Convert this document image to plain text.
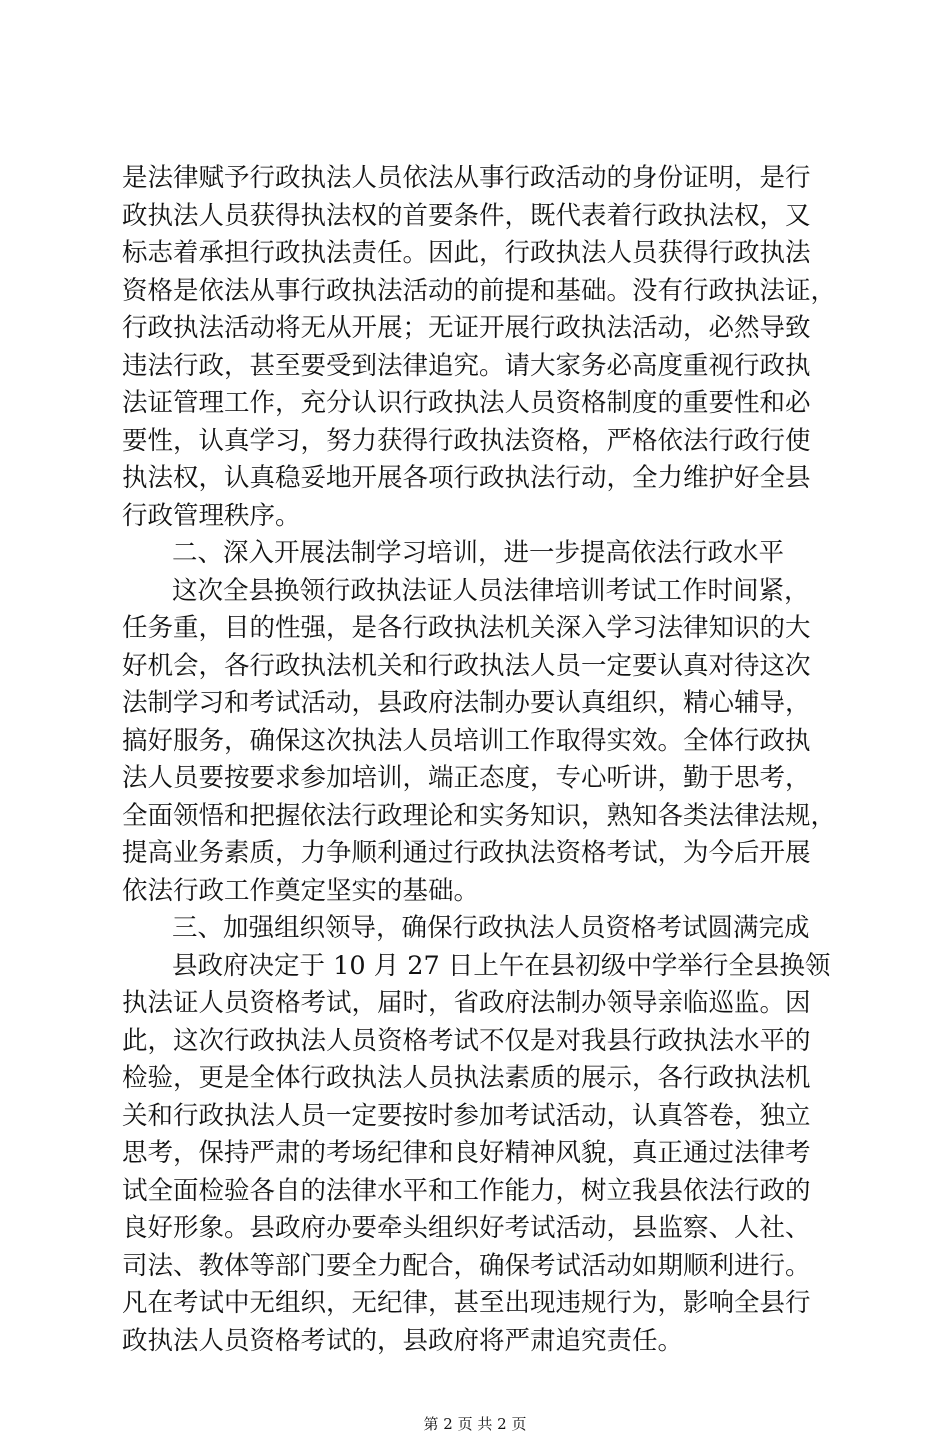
是法律赋予行政执法人员依法从事行政活动的身份证明，是行
政执法人员获得执法权的首要条件，既代表着行政执法权，又
标志着承担行政执法责任。因此，行政执法人员获得行政执法
资格是依法从事行政执法活动的前提和基础。没有行政执法证，
行政执法活动将无从开展；无证开展行政执法活动，必然导致
违法行政，甚至要受到法律追究。请大家务必高度重视行政执
法证管理工作，充分认识行政执法人员资格制度的重要性和必
要性，认真学习，努力获得行政执法资格，严格依法行政行使
执法权，认真稳妥地开展各项行政执法行动，全力维护好全县
行政管理秩序。
二、深入开展法制学习培训，进一步提高依法行政水平
这次全县换领行政执法证人员法律培训考试工作时间紧，
任务重，目的性强，是各行政执法机关深入学习法律知识的大
好机会，各行政执法机关和行政执法人员一定要认真对待这次
法制学习和考试活动，县政府法制办要认真组织，精心辅导，
搞好服务，确保这次执法人员培训工作取得实效。全体行政执
法人员要按要求参加培训，端正态度，专心听讲，勤于思考，
全面领悟和把握依法行政理论和实务知识，熟知各类法律法规，
提高业务素质，力争顺利通过行政执法资格考试，为今后开展
依法行政工作奠定坚实的基础。
三、加强组织领导，确保行政执法人员资格考试圆满完成
县政府决定于 10 月 27 日上午在县初级中学举行全县换领
执法证人员资格考试，届时，省政府法制办领导亲临巡监。因
此，这次行政执法人员资格考试不仅是对我县行政执法水平的
检验，更是全体行政执法人员执法素质的展示，各行政执法机
关和行政执法人员一定要按时参加考试活动，认真答卷，独立
思考，保持严肃的考场纪律和良好精神风貌，真正通过法律考
试全面检验各自的法律水平和工作能力，树立我县依法行政的
良好形象。县政府办要牵头组织好考试活动，县监察、人社、
司法、教体等部门要全力配合，确保考试活动如期顺利进行。
凡在考试中无组织，无纪律，甚至出现违规行为，影响全县行
政执法人员资格考试的，县政府将严肃追究责任。
第 2 页 共 2 页
